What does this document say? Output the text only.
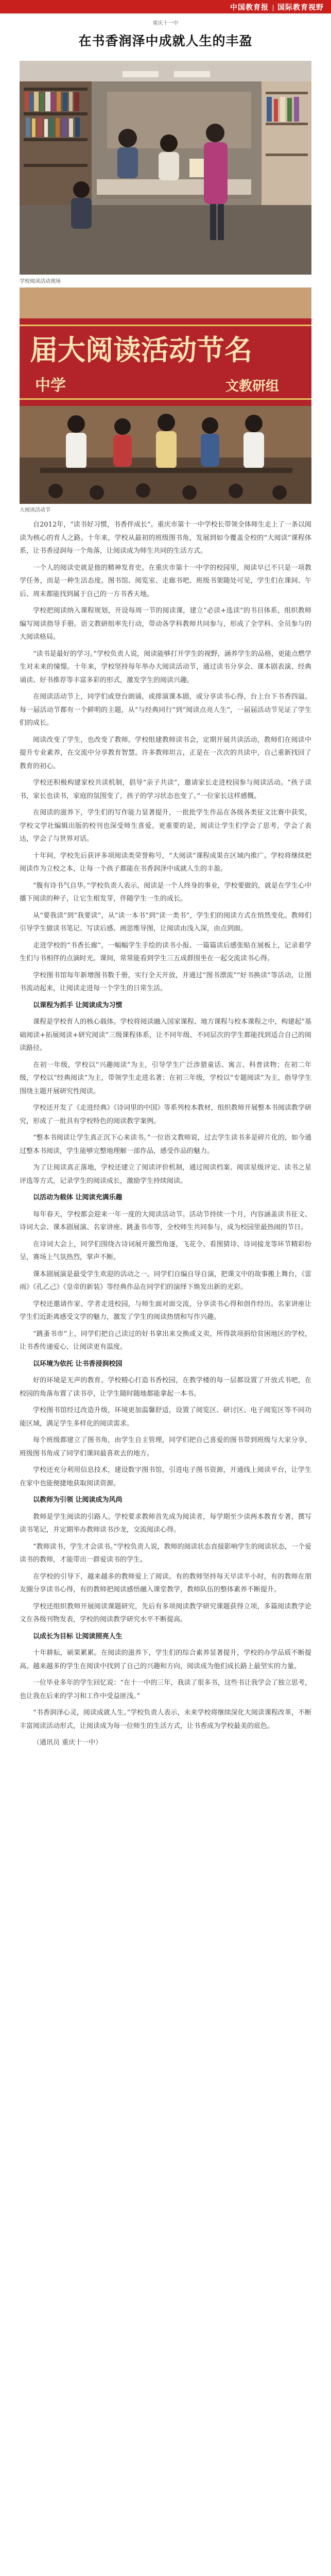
中国教育报 国际教育视野
重庆十一中
在书香润泽中成就人生的丰盈
学校阅读活动现场
届大阅读活动节名
中学	文教研组
大阅读活动节

自2012年，“读书好习惯，书香伴成长”。重庆市第十一中学校长带领全体师生走上了一条以阅读为核心的育人之路。十年来，学校从最初的班级图书角，发展到如今覆盖全校的“大阅读”课程体系，让书香浸润每一个角落，让阅读成为师生共同的生活方式。

一个人的阅读史就是他的精神发育史。在重庆市第十一中学的校园里，阅读早已不只是一项教学任务，而是一种生活态度。图书馆、阅览室、走廊书吧、班级书架随处可见，学生们在课间、午后、周末都能找到属于自己的一方书香天地。

学校把阅读纳入课程规划，开设每周一节的阅读课，建立“必读+选读”的书目体系，组织教师编写阅读指导手册。语文教研组率先行动，带动各学科教师共同参与，形成了全学科、全员参与的大阅读格局。

“读书是最好的学习。”学校负责人说，阅读能够打开学生的视野，涵养学生的品格，更能点燃学生对未来的憧憬。十年来，学校坚持每年举办大阅读活动节，通过读书分享会、课本剧表演、经典诵读、好书推荐等丰富多彩的形式，激发学生的阅读兴趣。

在阅读活动节上，同学们或登台朗诵，或排演课本剧，或分享读书心得，台上台下书香四溢。每一届活动节都有一个鲜明的主题，从“与经典同行”到“阅读点亮人生”，一届届活动节见证了学生们的成长。

阅读改变了学生，也改变了教师。学校组建教师读书会，定期开展共读活动，教师们在阅读中提升专业素养，在交流中分享教育智慧。许多教师坦言，正是在一次次的共读中，自己重新找回了教育的初心。

学校还积极构建家校共读机制，倡导“亲子共读”，邀请家长走进校园参与阅读活动。“孩子读书，家长也读书，家庭的氛围变了，孩子的学习状态也变了。”一位家长这样感慨。

在阅读的滋养下，学生们的写作能力显著提升，一批批学生作品在各级各类征文比赛中获奖，学校文学社编辑出版的校刊也深受师生喜爱。更重要的是，阅读让学生们学会了思考，学会了表达，学会了与世界对话。

十年间，学校先后获评多项阅读类荣誉称号，“大阅读”课程成果在区域内推广。学校将继续把阅读作为立校之本，让每一个孩子都能在书香润泽中成就人生的丰盈。

“腹有诗书气自华。”学校负责人表示，阅读是一个人终身的事业，学校要做的，就是在学生心中播下阅读的种子，让它生根发芽，伴随学生一生的成长。

从“要我读”到“我要读”，从“读一本书”到“读一类书”，学生们的阅读方式在悄然变化。教师们引导学生做读书笔记、写读后感、画思维导图，让阅读由浅入深，由点到面。

走进学校的“书香长廊”，一幅幅学生手绘的读书小报、一篇篇读后感张贴在展板上，记录着学生们与书相伴的点滴时光。课间，常常能看到学生三五成群围坐在一起交流读书心得。

学校图书馆每年新增图书数千册，实行全天开放，并通过“图书漂流”“好书换读”等活动，让图书流动起来，让阅读走进每一个学生的日常生活。

以课程为抓手 让阅读成为习惯

课程是学校育人的核心载体。学校将阅读融入国家课程、地方课程与校本课程之中，构建起“基础阅读+拓展阅读+研究阅读”三级课程体系，让不同年级、不同层次的学生都能找到适合自己的阅读路径。

在初一年级，学校以“兴趣阅读”为主，引导学生广泛涉猎童话、寓言、科普读物；在初二年级，学校以“经典阅读”为主，带领学生走进名著；在初三年级，学校以“专题阅读”为主，指导学生围绕主题开展研究性阅读。

学校还开发了《走进经典》《诗词里的中国》等系列校本教材，组织教师开展整本书阅读教学研究，形成了一批具有学校特色的阅读教学案例。

“整本书阅读让学生真正沉下心来读书。”一位语文教师说，过去学生读书多是碎片化的，如今通过整本书阅读，学生能够完整地理解一部作品，感受作品的魅力。

为了让阅读真正落地，学校还建立了阅读评价机制，通过阅读档案、阅读星级评定、读书之星评选等方式，记录学生的阅读成长，激励学生持续阅读。

以活动为载体 让阅读充满乐趣

每年春天，学校都会迎来一年一度的大阅读活动节。活动节持续一个月，内容涵盖读书征文、诗词大会、课本剧展演、名家讲座、跳蚤书市等，全校师生共同参与，成为校园里最热闹的节日。

在诗词大会上，同学们围绕古诗词展开激烈角逐，飞花令、看图猜诗、诗词接龙等环节精彩纷呈，赛场上气氛热烈，掌声不断。

课本剧展演是最受学生欢迎的活动之一。同学们自编自导自演，把课文中的故事搬上舞台，《雷雨》《孔乙己》《皇帝的新装》等经典作品在同学们的演绎下焕发出新的光彩。

学校还邀请作家、学者走进校园，与师生面对面交流，分享读书心得和创作经历。名家讲座让学生们近距离感受文学的魅力，激发了学生的阅读热情和写作兴趣。

“跳蚤书市”上，同学们把自己读过的好书拿出来交换或义卖，所得款项捐给贫困地区的学校，让书香传递爱心，让阅读更有温度。

以环境为依托 让书香浸润校园

好的环境是无声的教育。学校精心打造书香校园，在教学楼的每一层都设置了开放式书吧，在校园的角落布置了读书亭，让学生随时随地都能拿起一本书。

学校图书馆经过改造升级，环境更加温馨舒适，设置了阅览区、研讨区、电子阅览区等不同功能区域，满足学生多样化的阅读需求。

每个班级都建立了图书角，由学生自主管理，同学们把自己喜爱的图书带到班级与大家分享，班级图书角成了同学们课间最喜欢去的地方。

学校还充分利用信息技术，建设数字图书馆，引进电子图书资源，开通线上阅读平台，让学生在家中也能便捷地获取阅读资源。

以教师为引领 让阅读成为风尚

教师是学生阅读的引路人。学校要求教师首先成为阅读者，每学期至少读两本教育专著，撰写读书笔记，并定期举办教师读书沙龙，交流阅读心得。

“教师读书，学生才会读书。”学校负责人说，教师的阅读状态直接影响学生的阅读状态，一个爱读书的教师，才能带出一群爱读书的学生。

在学校的引导下，越来越多的教师爱上了阅读。有的教师坚持每天早读半小时，有的教师在朋友圈分享读书心得，有的教师把阅读感悟融入课堂教学，教师队伍的整体素养不断提升。

学校还组织教师开展阅读课题研究，先后有多项阅读教学研究课题获得立项，多篇阅读教学论文在各级刊物发表，学校的阅读教学研究水平不断提高。

以成长为目标 让阅读照亮人生

十年耕耘，硕果累累。在阅读的滋养下，学生们的综合素养显著提升，学校的办学品质不断提高。越来越多的学生在阅读中找到了自己的兴趣和方向，阅读成为他们成长路上最坚实的力量。

一位毕业多年的学生回忆说：“在十一中的三年，我读了很多书，这些书让我学会了独立思考，也让我在后来的学习和工作中受益匪浅。”

“书香润泽心灵，阅读成就人生。”学校负责人表示，未来学校将继续深化大阅读课程改革，不断丰富阅读活动形式，让阅读成为每一位师生的生活方式，让书香成为学校最美的底色。

（通讯员 重庆十一中）
